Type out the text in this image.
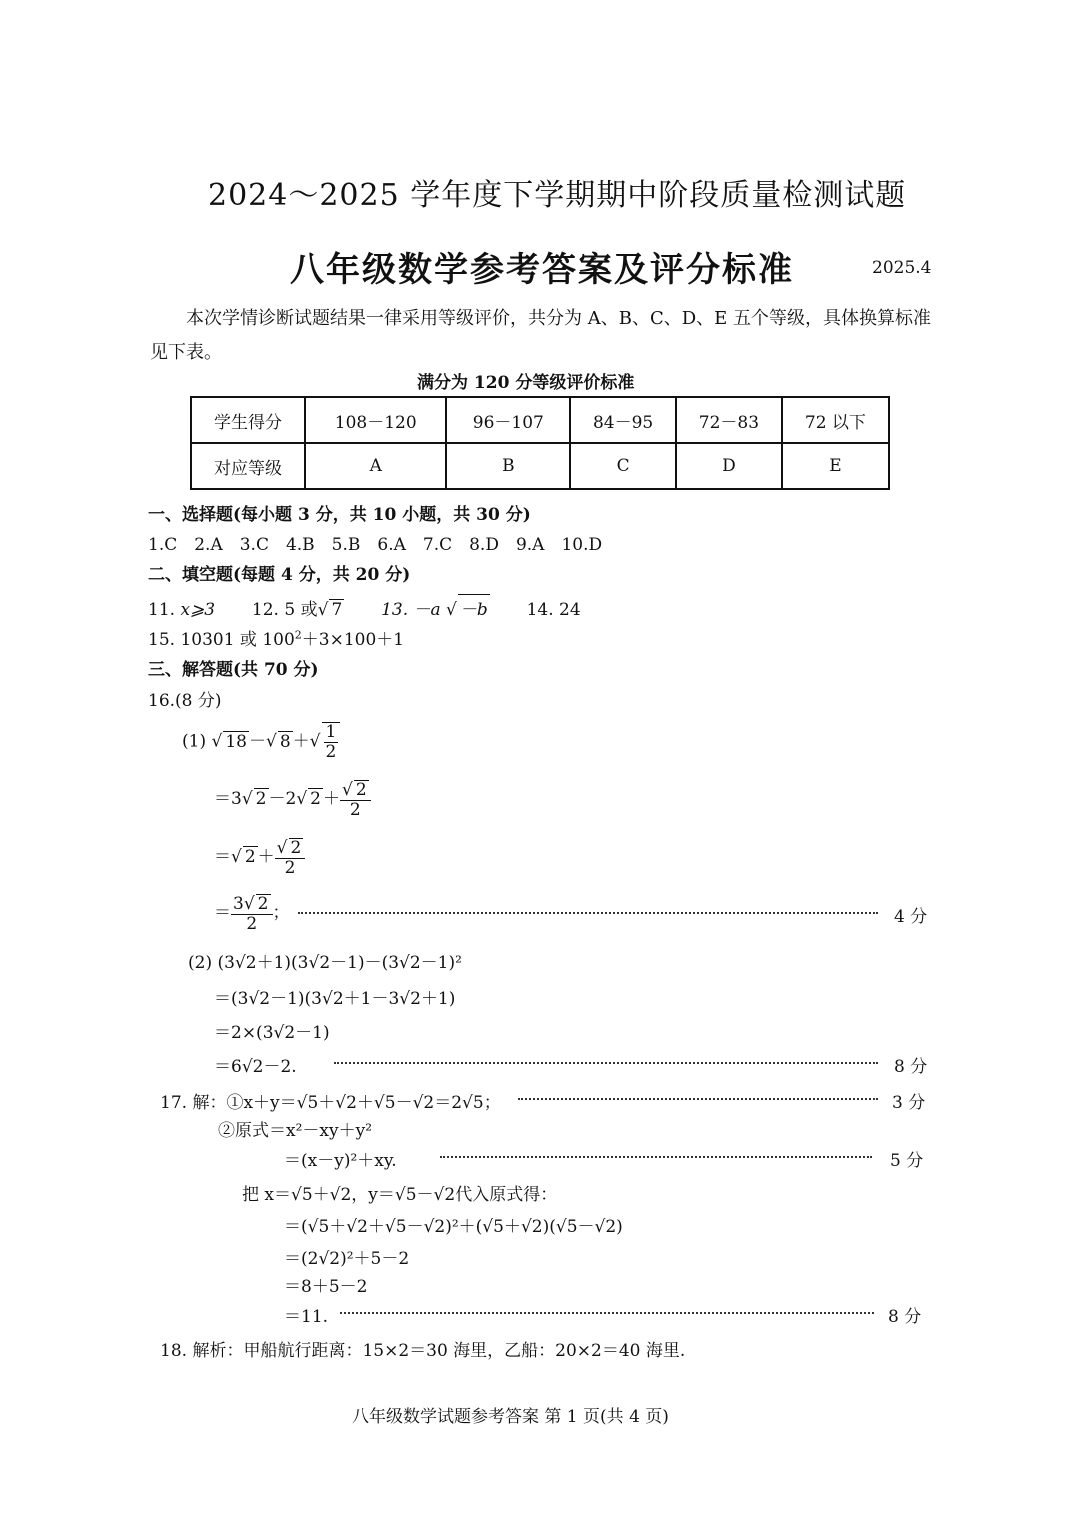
2024～2025 学年度下学期期中阶段质量检测试题
八年级数学参考答案及评分标准	2025.4
本次学情诊断试题结果一律采用等级评价，共分为 A、B、C、D、E 五个等级，具体换算标准见下表。
满分为 120 分等级评价标准
学生得分	108－120	96－107	84－95	72－83	72 以下
对应等级	A	B	C	D	E
一、选择题(每小题 3 分，共 10 小题，共 30 分)
1.C　2.A　3.C　4.B　5.B　6.A　7.C　8.D　9.A　10.D
二、填空题(每题 4 分，共 20 分)
11. x⩾3 12. 5 或√ 7 13. －a √ －b 14. 24
15. 10301 或 $100^2+3\times 100+1$
三、解答题(共 70 分)
16.(8 分)
(1) √ 18 －√ 8 ＋√ $\frac{1}{2}$
＝3√ 2 －2√ $2 + \frac{√ 2}{2}$
＝√ $2 + \frac{√ 2}{2}$
＝ $\frac{3√ 2}{2}$ ；	4 分
(2) (3√2＋1)(3√2－1)－(3√2－1)²
＝(3√2－1)(3√2＋1－3√2＋1)
＝2×(3√2－1)
＝6√2－2.	8 分
17. 解：①x＋y＝√5＋√2＋√5－√2＝2√5；	3 分
②原式＝x²－xy＋y²
＝(x－y)²＋xy.	5 分
把 x＝√5＋√2，y＝√5－√2代入原式得：
＝(√5＋√2＋√5－√2)²＋(√5＋√2)(√5－√2)
＝(2√2)²＋5－2
＝8＋5－2
＝11.	8 分
18. 解析：甲船航行距离：15×2＝30 海里，乙船：20×2＝40 海里.
八年级数学试题参考答案 第 1 页(共 4 页)
